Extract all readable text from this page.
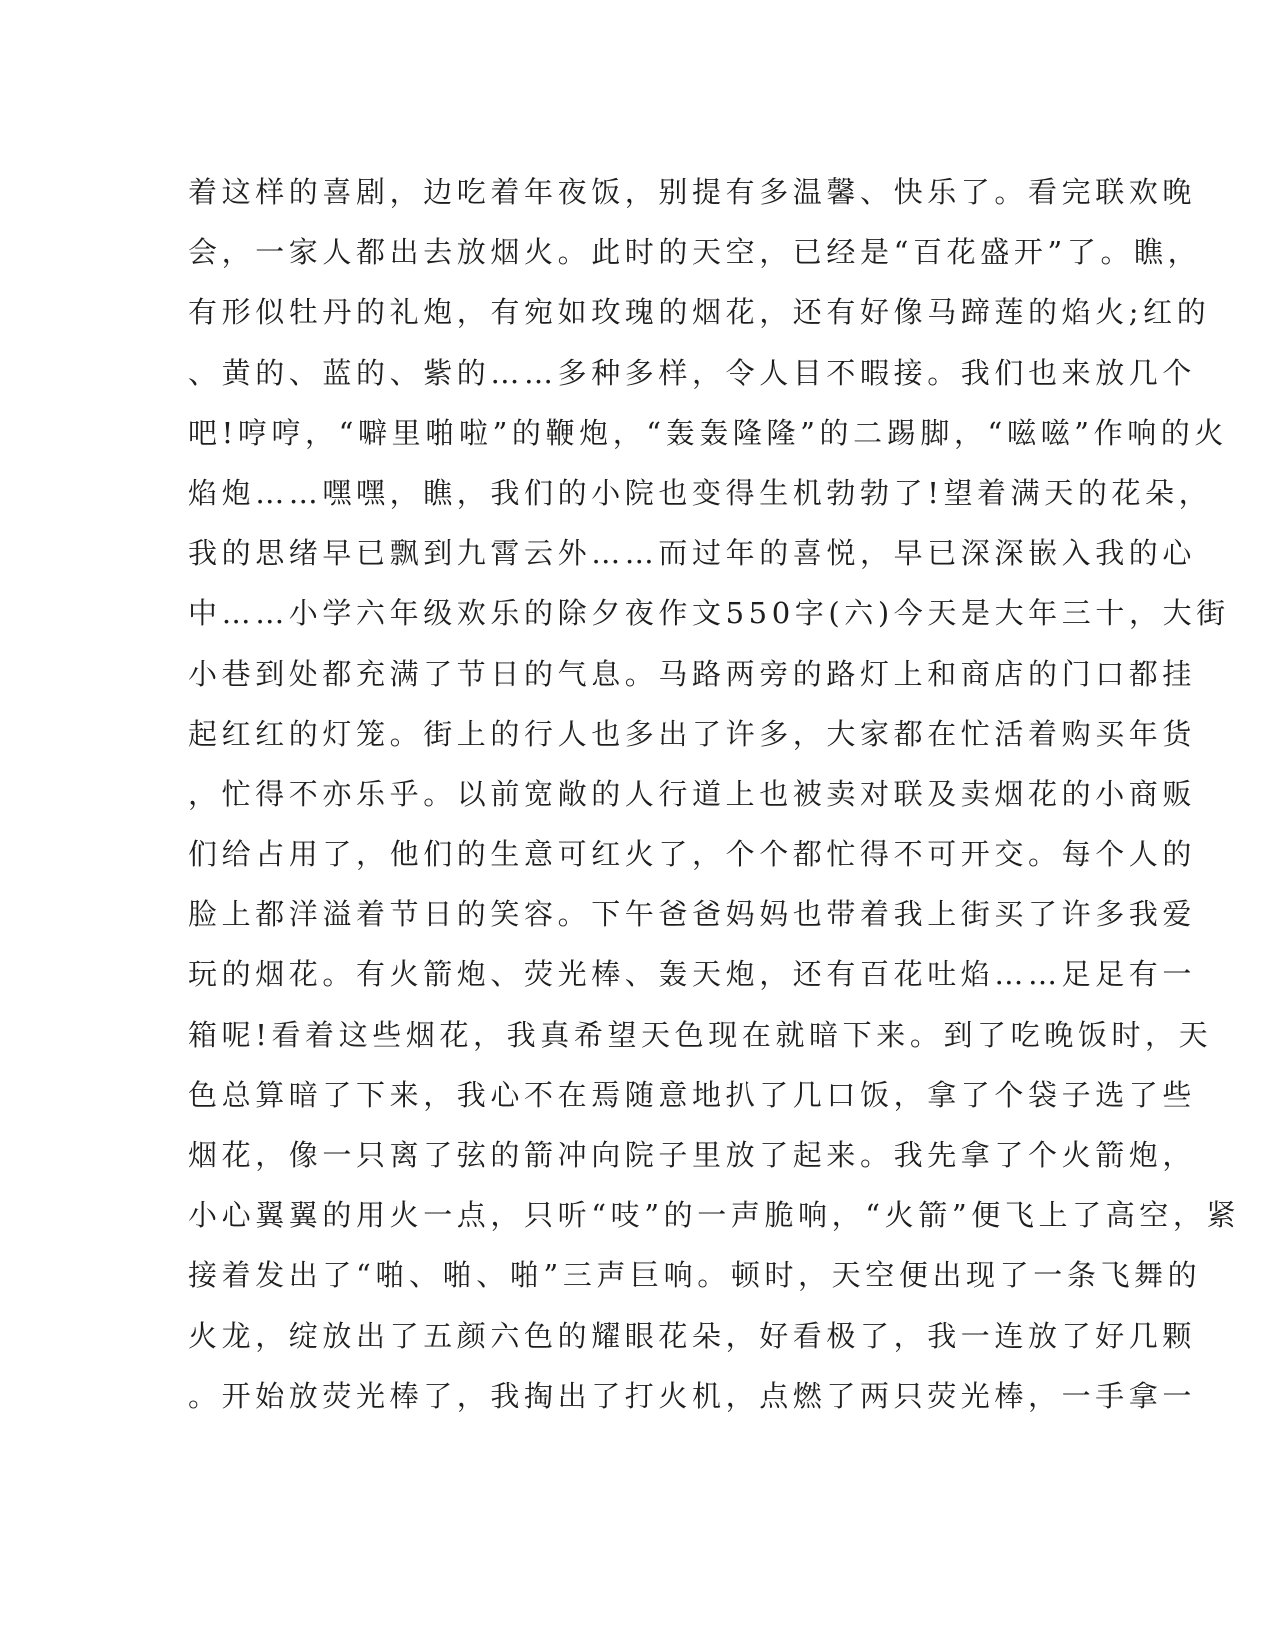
着这样的喜剧，边吃着年夜饭，别提有多温馨、快乐了。看完联欢晚
会，一家人都出去放烟火。此时的天空，已经是“百花盛开”了。瞧，
有形似牡丹的礼炮，有宛如玫瑰的烟花，还有好像马蹄莲的焰火;红的
、黄的、蓝的、紫的……多种多样，令人目不暇接。我们也来放几个
吧!哼哼，“噼里啪啦”的鞭炮，“轰轰隆隆”的二踢脚，“嗞嗞”作响的火
焰炮……嘿嘿，瞧，我们的小院也变得生机勃勃了!望着满天的花朵，
我的思绪早已飘到九霄云外……而过年的喜悦，早已深深嵌入我的心
中……小学六年级欢乐的除夕夜作文550字(六)今天是大年三十，大街
小巷到处都充满了节日的气息。马路两旁的路灯上和商店的门口都挂
起红红的灯笼。街上的行人也多出了许多，大家都在忙活着购买年货
，忙得不亦乐乎。以前宽敞的人行道上也被卖对联及卖烟花的小商贩
们给占用了，他们的生意可红火了，个个都忙得不可开交。每个人的
脸上都洋溢着节日的笑容。下午爸爸妈妈也带着我上街买了许多我爱
玩的烟花。有火箭炮、荧光棒、轰天炮，还有百花吐焰……足足有一
箱呢!看着这些烟花，我真希望天色现在就暗下来。到了吃晚饭时，天
色总算暗了下来，我心不在焉随意地扒了几口饭，拿了个袋子选了些
烟花，像一只离了弦的箭冲向院子里放了起来。我先拿了个火箭炮，
小心翼翼的用火一点，只听“吱”的一声脆响，“火箭”便飞上了高空，紧
接着发出了“啪、啪、啪”三声巨响。顿时，天空便出现了一条飞舞的
火龙，绽放出了五颜六色的耀眼花朵，好看极了，我一连放了好几颗
。开始放荧光棒了，我掏出了打火机，点燃了两只荧光棒，一手拿一
